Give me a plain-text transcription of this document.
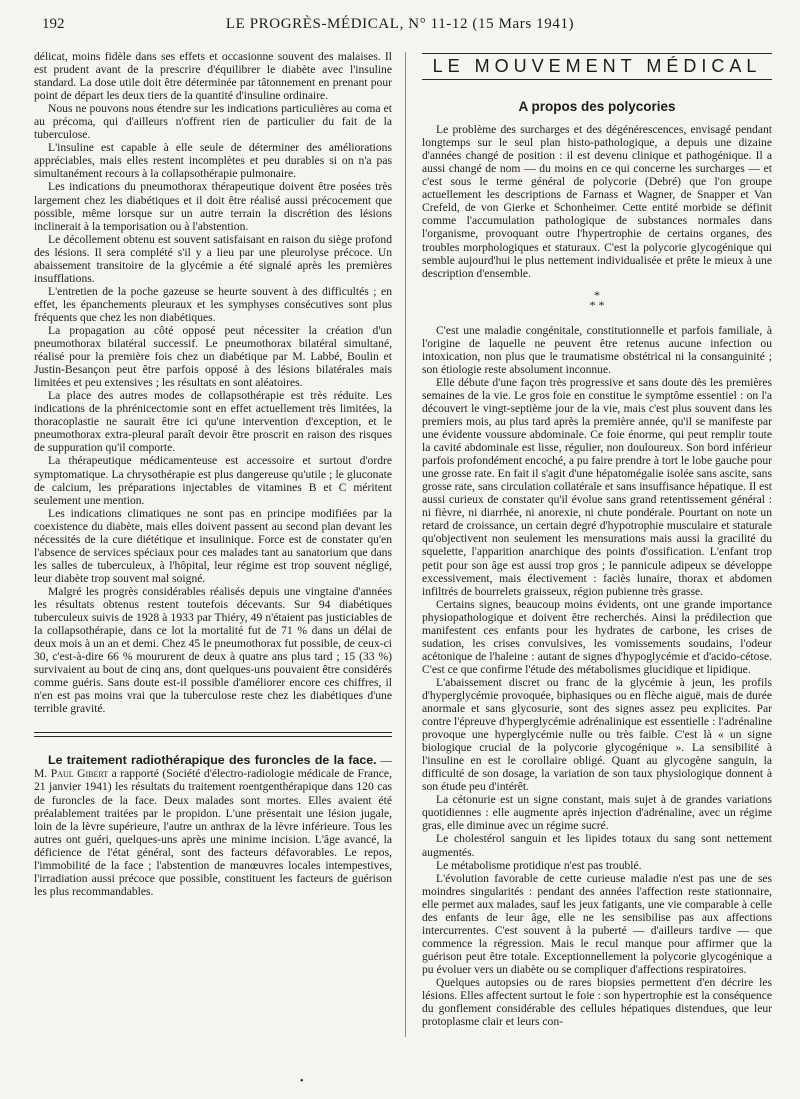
192	LE PROGRÈS-MÉDICAL, N° 11-12 (15 Mars 1941)

délicat, moins fidèle dans ses effets et occasionne souvent des malaises. Il est prudent avant de la prescrire d'équilibrer le diabète avec l'insuline standard. La dose utile doit être déterminée par tâtonnement en prenant pour point de départ les deux tiers de la quantité d'insuline ordinaire.

Nous ne pouvons nous étendre sur les indications particulières au coma et au précoma, qui d'ailleurs n'offrent rien de particulier du fait de la tuberculose.

L'insuline est capable à elle seule de déterminer des améliorations appréciables, mais elles restent incomplètes et peu durables si on n'a pas simultanément recours à la collapsothérapie pulmonaire.

Les indications du pneumothorax thérapeutique doivent être posées très largement chez les diabétiques et il doit être réalisé aussi précocement que possible, même lorsque sur un autre terrain la discrétion des lésions inclinerait à la temporisation ou à l'abstention.

Le décollement obtenu est souvent satisfaisant en raison du siège profond des lésions. Il sera complété s'il y a lieu par une pleurolyse précoce. Un abaissement transitoire de la glycémie a été signalé après les premières insufflations.

L'entretien de la poche gazeuse se heurte souvent à des difficultés ; en effet, les épanchements pleuraux et les symphyses consécutives sont plus fréquents que chez les non diabétiques.

La propagation au côté opposé peut nécessiter la création d'un pneumothorax bilatéral successif. Le pneumothorax bilatéral simultané, réalisé pour la première fois chez un diabétique par M. Labbé, Boulin et Justin-Besançon peut être parfois opposé à des lésions bilatérales mais limitées et peu extensives ; les résultats en sont aléatoires.

La place des autres modes de collapsothérapie est très réduite. Les indications de la phrénicectomie sont en effet actuellement très limitées, la thoracoplastie ne saurait être ici qu'une intervention d'exception, et le pneumothorax extra-pleural paraît devoir être proscrit en raison des risques de suppuration qu'il comporte.

La thérapeutique médicamenteuse est accessoire et surtout d'ordre symptomatique. La chrysothérapie est plus dangereuse qu'utile ; le gluconate de calcium, les préparations injectables de vitamines B et C méritent seulement une mention.

Les indications climatiques ne sont pas en principe modifiées par la coexistence du diabète, mais elles doivent passent au second plan devant les nécessités de la cure diététique et insulinique. Force est de constater qu'en l'absence de services spéciaux pour ces malades tant au sanatorium que dans les salles de tuberculeux, à l'hôpital, leur régime est trop souvent négligé, leur diabète trop souvent mal soigné.

Malgré les progrès considérables réalisés depuis une vingtaine d'années les résultats obtenus restent toutefois décevants. Sur 94 diabétiques tuberculeux suivis de 1928 à 1933 par Thiéry, 49 n'étaient pas justiciables de la collapsothérapie, dans ce lot la mortalité fut de 71 % dans un délai de deux mois à un an et demi. Chez 45 le pneumothorax fut possible, de ceux-ci 30, c'est-à-dire 66 % moururent de deux à quatre ans plus tard ; 15 (33 %) survivaient au bout de cinq ans, dont quelques-uns pouvaient être considérés comme guéris. Sans doute est-il possible d'améliorer encore ces chiffres, il n'en est pas moins vrai que la tuberculose reste chez les diabétiques d'une terrible gravité.

Le traitement radiothérapique des furoncles de la face. — M. Paul Gibert a rapporté (Société d'électro-radiologie médicale de France, 21 janvier 1941) les résultats du traitement roentgenthérapique dans 120 cas de furoncles de la face. Deux malades sont mortes. Elles avaient été préalablement traitées par le propidon. L'une présentait une lésion jugale, loin de la lèvre supérieure, l'autre un anthrax de la lèvre inférieure. Tous les autres ont guéri, quelques-uns après une minime incision. L'âge avancé, la déficience de l'état général, sont des facteurs défavorables. Le repos, l'immobilité de la face ; l'abstention de manœuvres locales intempestives, l'irradiation aussi précoce que possible, constituent les facteurs de guérison les plus recommandables.

LE MOUVEMENT MÉDICAL
A propos des polycories

Le problème des surcharges et des dégénérescences, envisagé pendant longtemps sur le seul plan histo-pathologique, a depuis une dizaine d'années changé de position : il est devenu clinique et pathogénique. Il a aussi changé de nom — du moins en ce qui concerne les surcharges — et c'est sous le terme général de polycorie (Debré) que l'on groupe actuellement les descriptions de Farnass et Wagner, de Snapper et Van Crefeld, de von Gierke et Schonheimer. Cette entité morbide se définit comme l'accumulation pathologique de substances normales dans l'organisme, provoquant outre l'hypertrophie de certains organes, des troubles morphologiques et staturaux. C'est la polycorie glycogénique qui semble aujourd'hui le plus nettement individualisée et prête le mieux à une description d'ensemble.

*
* *

C'est une maladie congénitale, constitutionnelle et parfois familiale, à l'origine de laquelle ne peuvent être retenus aucune infection ou intoxication, non plus que le traumatisme obstétrical ni la consanguinité ; son étiologie reste absolument inconnue.

Elle débute d'une façon très progressive et sans doute dès les premières semaines de la vie. Le gros foie en constitue le symptôme essentiel : on l'a découvert le vingt-septième jour de la vie, mais c'est plus souvent dans les premiers mois, au plus tard après la première année, qu'il se manifeste par une évidente voussure abdominale. Ce foie énorme, qui peut remplir toute la cavité abdominale est lisse, régulier, non douloureux. Son bord inférieur parfois profondément encoché, a pu faire prendre à tort le lobe gauche pour une grosse rate. En fait il s'agit d'une hépatomégalie isolée sans ascite, sans grosse rate, sans circulation collatérale et sans insuffisance hépatique. Il est aussi curieux de constater qu'il évolue sans grand retentissement général : ni fièvre, ni diarrhée, ni anorexie, ni chute pondérale. Pourtant on note un retard de croissance, un certain degré d'hypotrophie musculaire et staturale qu'objectivent non seulement les mensurations mais aussi la gracilité du squelette, l'apparition anarchique des points d'ossification. L'enfant trop petit pour son âge est aussi trop gros ; le pannicule adipeux se développe excessivement, mais électivement : faciès lunaire, thorax et abdomen infiltrés de bourrelets graisseux, région pubienne très grasse.

Certains signes, beaucoup moins évidents, ont une grande importance physiopathologique et doivent être recherchés. Ainsi la prédilection que manifestent ces enfants pour les hydrates de carbone, les crises de sudation, les crises convulsives, les vomissements soudains, l'odeur acétonique de l'haleine : autant de signes d'hypoglycémie et d'acido-cétose. C'est ce que confirme l'étude des métabolismes glucidique et lipidique.

L'abaissement discret ou franc de la glycémie à jeun, les profils d'hyperglycémie provoquée, biphasiques ou en flèche aiguë, mais de durée anormale et sans glycosurie, sont des signes assez peu explicites. Par contre l'épreuve d'hyperglycémie adrénalinique est essentielle : l'adrénaline provoque une hyperglycémie nulle ou très faible. C'est là « un signe biologique crucial de la polycorie glycogénique ». La sensibilité à l'insuline en est le corollaire obligé. Quant au glycogène sanguin, la difficulté de son dosage, la variation de son taux physiologique donnent à son étude peu d'intérêt.

La cétonurie est un signe constant, mais sujet à de grandes variations quotidiennes : elle augmente après injection d'adrénaline, avec un régime gras, elle diminue avec un régime sucré.

Le cholestérol sanguin et les lipides totaux du sang sont nettement augmentés.

Le métabolisme protidique n'est pas troublé.

L'évolution favorable de cette curieuse maladie n'est pas une de ses moindres singularités : pendant des années l'affection reste stationnaire, elle permet aux malades, sauf les jeux fatigants, une vie comparable à celle des enfants de leur âge, elle ne les sensibilise pas aux affections intercurrentes. C'est souvent à la puberté — d'ailleurs tardive — que commence la régression. Mais le recul manque pour affirmer que la guérison peut être totale. Exceptionnellement la polycorie glycogénique a pu évoluer vers un diabète ou se compliquer d'affections respiratoires.

Quelques autopsies ou de rares biopsies permettent d'en décrire les lésions. Elles affectent surtout le foie : son hypertrophie est la conséquence du gonflement considérable des cellules hépatiques distendues, que leur protoplasme clair et leurs con-

•
